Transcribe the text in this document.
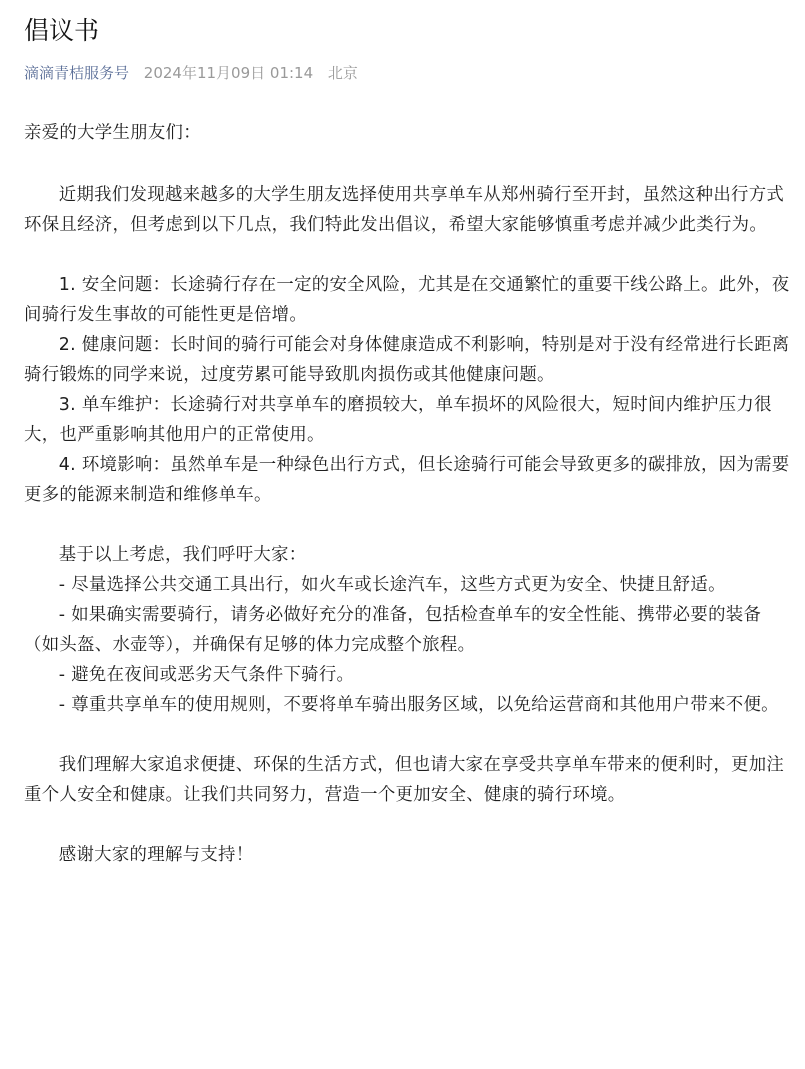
倡议书
滴滴青桔服务号 2024年11月09日 01:14 北京

亲爱的大学生朋友们：

近期我们发现越来越多的大学生朋友选择使用共享单车从郑州骑行至开封，虽然这种出行方式环保且经济，但考虑到以下几点，我们特此发出倡议，希望大家能够慎重考虑并减少此类行为。

1. 安全问题：长途骑行存在一定的安全风险，尤其是在交通繁忙的重要干线公路上。此外，夜间骑行发生事故的可能性更是倍增。

2. 健康问题：长时间的骑行可能会对身体健康造成不利影响，特别是对于没有经常进行长距离骑行锻炼的同学来说，过度劳累可能导致肌肉损伤或其他健康问题。

3. 单车维护：长途骑行对共享单车的磨损较大，单车损坏的风险很大，短时间内维护压力很大，也严重影响其他用户的正常使用。

4. 环境影响：虽然单车是一种绿色出行方式，但长途骑行可能会导致更多的碳排放，因为需要更多的能源来制造和维修单车。

基于以上考虑，我们呼吁大家：

- 尽量选择公共交通工具出行，如火车或长途汽车，这些方式更为安全、快捷且舒适。

- 如果确实需要骑行，请务必做好充分的准备，包括检查单车的安全性能、携带必要的装备（如头盔、水壶等），并确保有足够的体力完成整个旅程。

- 避免在夜间或恶劣天气条件下骑行。

- 尊重共享单车的使用规则，不要将单车骑出服务区域，以免给运营商和其他用户带来不便。

我们理解大家追求便捷、环保的生活方式，但也请大家在享受共享单车带来的便利时，更加注重个人安全和健康。让我们共同努力，营造一个更加安全、健康的骑行环境。

感谢大家的理解与支持！
